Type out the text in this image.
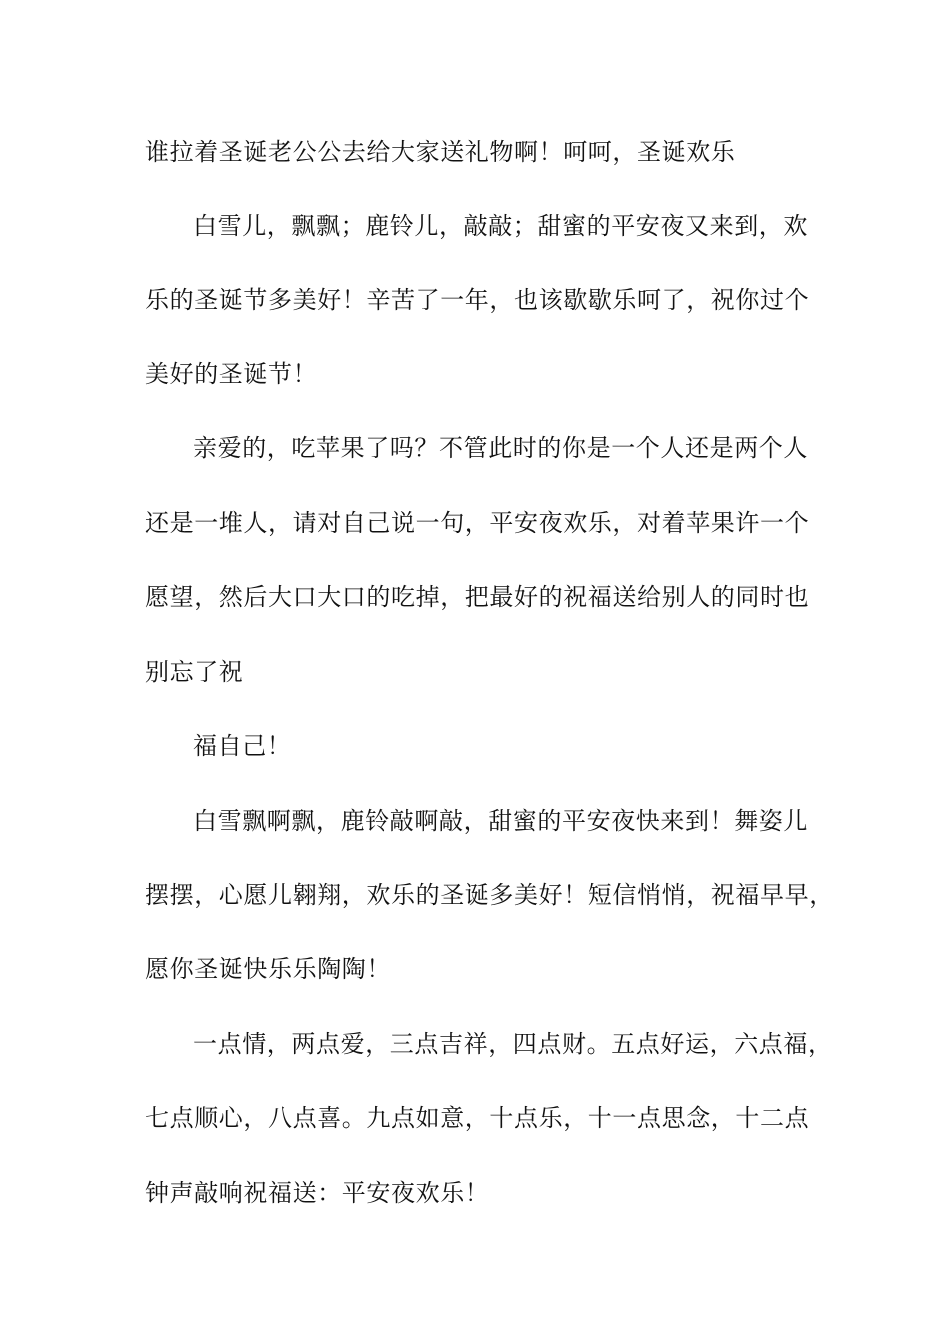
谁拉着圣诞老公公去给大家送礼物啊！呵呵，圣诞欢乐
白雪儿，飘飘；鹿铃儿，敲敲；甜蜜的平安夜又来到，欢
乐的圣诞节多美好！辛苦了一年，也该歇歇乐呵了，祝你过个
美好的圣诞节！
亲爱的，吃苹果了吗？不管此时的你是一个人还是两个人
还是一堆人，请对自己说一句，平安夜欢乐，对着苹果许一个
愿望，然后大口大口的吃掉，把最好的祝福送给别人的同时也
别忘了祝
福自己！
白雪飘啊飘，鹿铃敲啊敲，甜蜜的平安夜快来到！舞姿儿
摆摆，心愿儿翱翔，欢乐的圣诞多美好！短信悄悄，祝福早早，
愿你圣诞快乐乐陶陶！
一点情，两点爱，三点吉祥，四点财。五点好运，六点福，
七点顺心，八点喜。九点如意，十点乐，十一点思念，十二点
钟声敲响祝福送：平安夜欢乐！
